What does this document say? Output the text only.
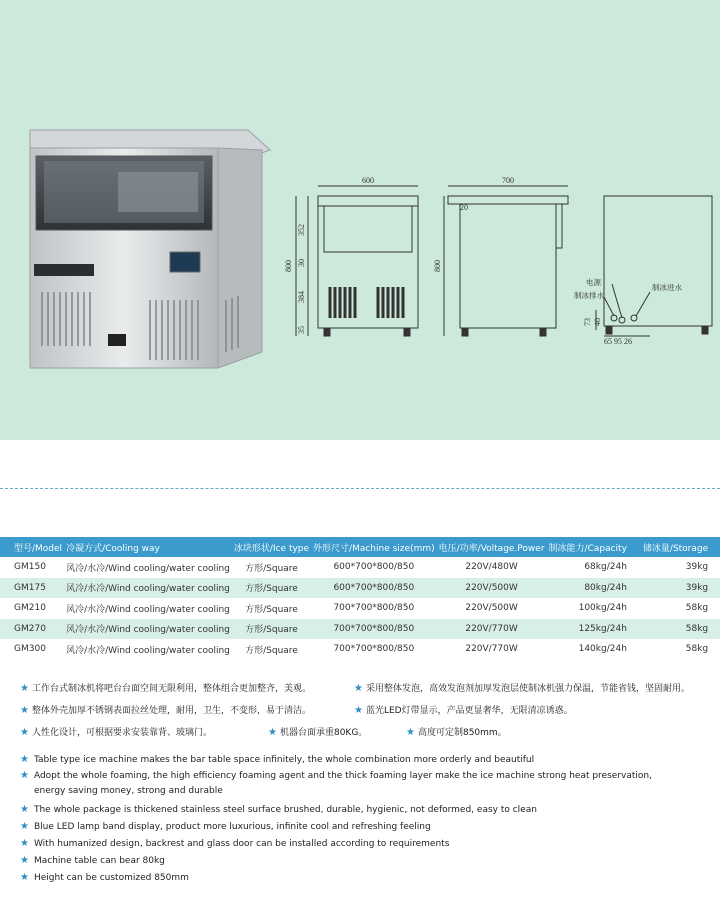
600
352
30
384
35
800
700
800
20
73 40
65 95 26
电源
制冰排水
制冰进水
型号/Model	冷凝方式/Cooling way	冰块形状/Ice type	外形尺寸/Machine size(mm)	电压/功率/Voltage.Power	制冰能力/Capacity	储冰量/Storage
GM150	风冷/水冷/Wind cooling/water cooling	方形/Square	600*700*800/850	220V/480W	68kg/24h	39kg
GM175	风冷/水冷/Wind cooling/water cooling	方形/Square	600*700*800/850	220V/500W	80kg/24h	39kg
GM210	风冷/水冷/Wind cooling/water cooling	方形/Square	700*700*800/850	220V/500W	100kg/24h	58kg
GM270	风冷/水冷/Wind cooling/water cooling	方形/Square	700*700*800/850	220V/770W	125kg/24h	58kg
GM300	风冷/水冷/Wind cooling/water cooling	方形/Square	700*700*800/850	220V/770W	140kg/24h	58kg
★ 工作台式制冰机将吧台台面空间无限利用，整体组合更加整齐，美观。	★ 采用整体发泡，高效发泡剂加厚发泡层使制冰机强力保温，节能省钱，坚固耐用。
★ 整体外壳加厚不锈钢表面拉丝处理，耐用，卫生，不变形，易于清洁。	★ 蓝光LED灯带显示，产品更显奢华，无限清凉诱惑。
★ 人性化设计，可根据要求安装靠背、玻璃门。	★ 机器台面承重80KG。	★ 高度可定制850mm。
★ Table type ice machine makes the bar table space infinitely, the whole combination more orderly and beautiful
★ Adopt the whole foaming, the high efficiency foaming agent and the thick foaming layer make the ice machine strong heat preservation,
energy saving money, strong and durable
★ The whole package is thickened stainless steel surface brushed, durable, hygienic, not deformed, easy to clean
★ Blue LED lamp band display, product more luxurious, infinite cool and refreshing feeling
★ With humanized design, backrest and glass door can be installed according to requirements
★ Machine table can bear 80kg
★ Height can be customized 850mm
